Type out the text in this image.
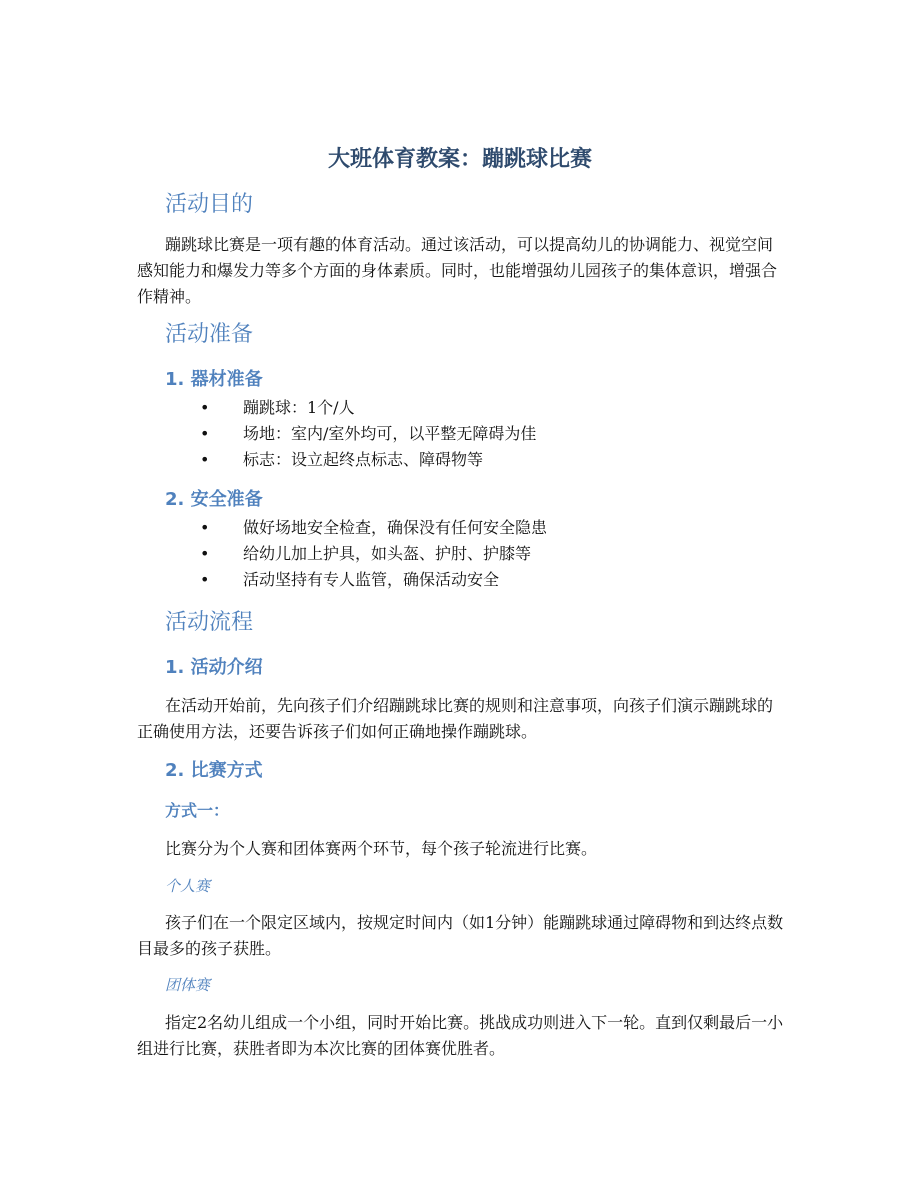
大班体育教案：蹦跳球比赛
活动目的

蹦跳球比赛是一项有趣的体育活动。通过该活动，可以提高幼儿的协调能力、视觉空间感知能力和爆发力等多个方面的身体素质。同时，也能增强幼儿园孩子的集体意识，增强合作精神。

活动准备
1. 器材准备
• 蹦跳球：1个/人
• 场地：室内/室外均可，以平整无障碍为佳
• 标志：设立起终点标志、障碍物等
2. 安全准备
• 做好场地安全检查，确保没有任何安全隐患
• 给幼儿加上护具，如头盔、护肘、护膝等
• 活动坚持有专人监管，确保活动安全
活动流程
1. 活动介绍

在活动开始前，先向孩子们介绍蹦跳球比赛的规则和注意事项，向孩子们演示蹦跳球的正确使用方法，还要告诉孩子们如何正确地操作蹦跳球。

2. 比赛方式
方式一：

比赛分为个人赛和团体赛两个环节，每个孩子轮流进行比赛。

个人赛

孩子们在一个限定区域内，按规定时间内（如1分钟）能蹦跳球通过障碍物和到达终点数目最多的孩子获胜。

团体赛

指定2名幼儿组成一个小组，同时开始比赛。挑战成功则进入下一轮。直到仅剩最后一小组进行比赛，获胜者即为本次比赛的团体赛优胜者。
